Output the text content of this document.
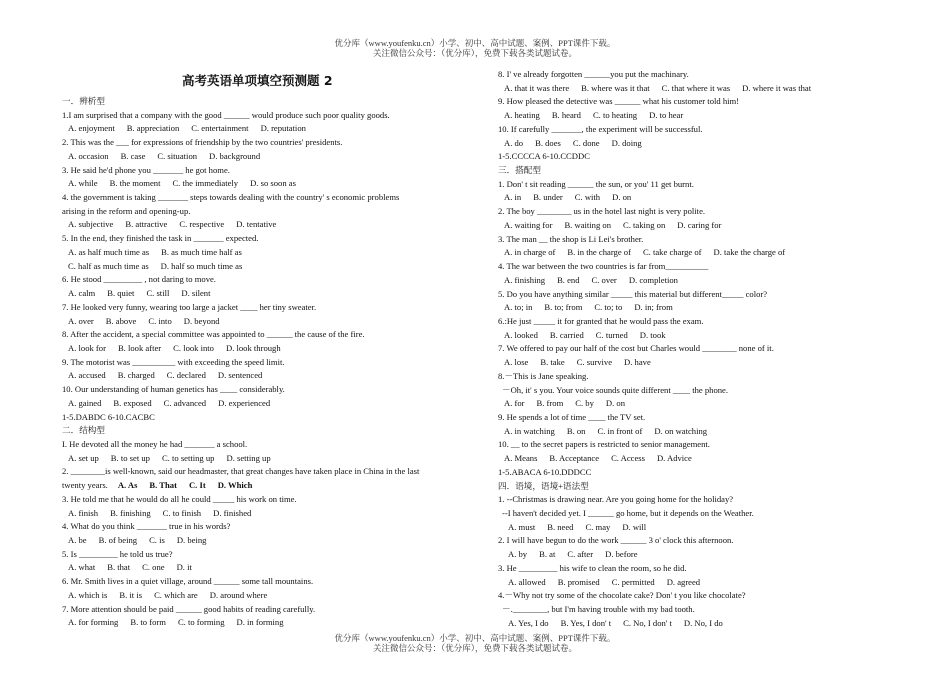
优分库（www.youfenku.cn）小学、初中、高中试题、案例、PPT课件下载。
关注微信公众号：（优分库），免费下载各类试题试卷。
高考英语单项填空预测题 2
一．辨析型
1.I am surprised that a company with the good ______ would produce such poor quality goods.
A. enjoyment B. appreciation C. entertainment D. reputation
2. This was the ___ for expressions of friendship by the two countries' presidents.
A. occasion B. case C. situation D. background
3. He said he'd phone you _______ he got home.
A. while B. the moment C. the immediately D. so soon as
4. the government is taking _______ steps towards dealing with the country' s economic problems
arising in the reform and opening-up.
A. subjective B. attractive C. respective D. tentative
5. In the end, they finished the task in _______ expected.
A. as half much time as B. as much time half as
C. half as much time as D. half so much time as
6. He stood _________ , not daring to move.
A. calm B. quiet C. still D. silent
7. He looked very funny, wearing too large a jacket ____ her tiny sweater.
A. over B. above C. into D. beyond
8. After the accident, a special committee was appointed to ______ the cause of the fire.
A. look for B. look after C. look into D. look through
9. The motorist was __________ with exceeding the speed limit.
A. accused B. charged C. declared D. sentenced
10. Our understanding of human genetics has ____ considerably.
A. gained B. exposed C. advanced D. experienced
1-5.DABDC 6-10.CACBC
二．结构型
I. He devoted all the money he had _______ a school.
A. set up B. to set up C. to setting up D. setting up
2. ________is well-known, said our headmaster, that great changes have taken place in China in the last
twenty years. A. As B. That C. It D. Which
3. He told me that he would do all he could _____ his work on time.
A. finish B. finishing C. to finish D. finished
4. What do you think _______ true in his words?
A. be B. of being C. is D. being
5. Is _________ he told us true?
A. what B. that C. one D. it
6. Mr. Smith lives in a quiet village, around ______ some tall mountains.
A. which is B. it is C. which are D. around where
7. More attention should be paid ______ good habits of reading carefully.
A. for forming B. to form C. to forming D. in forming
8. I' ve already forgotten ______you put the machinary.
A. that it was there B. where was it that C. that where it was D. where it was that
9. How pleased the detective was ______ what his customer told him!
A. heating B. heard C. to heating D. to hear
10. If carefully _______, the experiment will be successful.
A. do B. does C. done D. doing
1-5.CCCCA 6-10.CCDDC
三．搭配型
1. Don' t sit reading ______ the sun, or you' 11 get burnt.
A. in B. under C. with D. on
2. The boy ________ us in the hotel last night is very polite.
A. waiting for B. waiting on C. taking on D. caring for
3. The man __ the shop is Li Lei's brother.
A. in charge of B. in the charge of C. take charge of D. take the charge of
4. The war between the two countries is far from__________
A. finishing B. end C. over D. completion
5. Do you have anything similar _____ this material but different_____ color?
A. to; in B. to; from C. to; to D. in; from
6.:He just _____ it for granted that he would pass the exam.
A. looked B. carried C. turned D. took
7. We offered to pay our half of the cost but Charles would ________ none of it.
A. lose B. take C. survive D. have
8.－This is Jane speaking.
－Oh, it' s you. Your voice sounds quite different ____ the phone.
A. for B. from C. by D. on
9. He spends a lot of time ____ the TV set.
A. in watching B. on C. in front of D. on watching
10. __ to the secret papers is restricted to senior management.
A. Means B. Acceptance C. Access D. Advice
1-5.ABACA 6-10.DDDCC
四．语境，语境+语法型
1. --Christmas is drawing near. Are you going home for the holiday?
--I haven't decided yet. I ______ go home, but it depends on the Weather.
A. must B. need C. may D. will
2. I will have begun to do the work ______ 3 o' clock this afternoon.
A. by B. at C. after D. before
3. He _________ his wife to clean the room, so he did.
A. allowed B. promised C. permitted D. agreed
4.－Why not try some of the chocolate cake? Don' t you like chocolate?
－.________, but I'm having trouble with my bad tooth.
A. Yes, I do B. Yes, I don' t C. No, I don' t D. No, I do
优分库（www.youfenku.cn）小学、初中、高中试题、案例、PPT课件下载。
关注微信公众号：（优分库），免费下载各类试题试卷。
